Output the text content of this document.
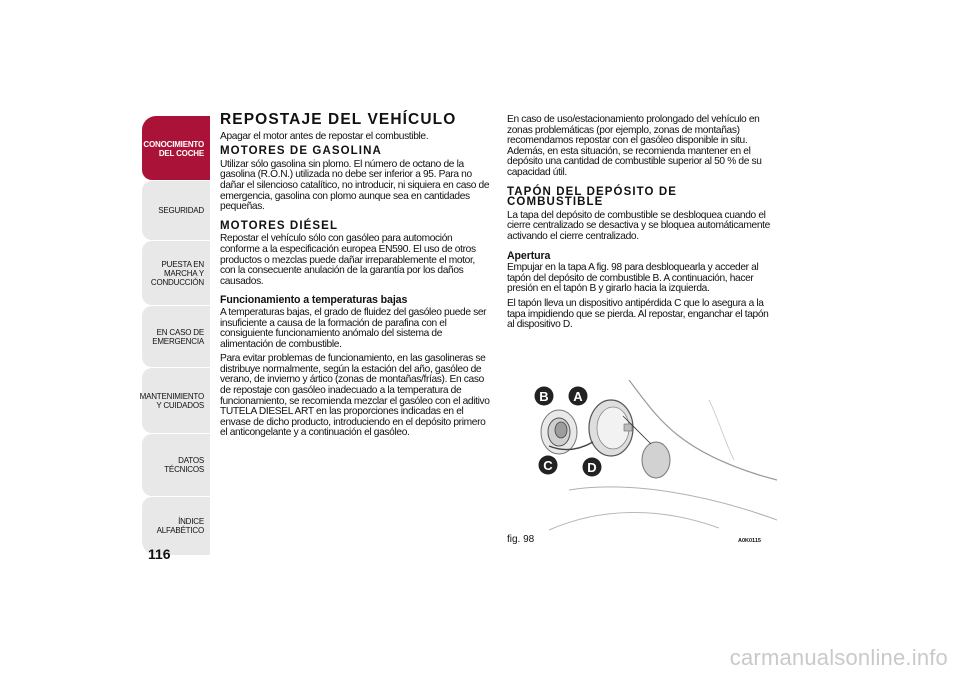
CONOCIMIENTO DEL COCHE
SEGURIDAD
PUESTA EN MARCHA Y CONDUCCIÓN
EN CASO DE EMERGENCIA
MANTENIMIENTO Y CUIDADOS
DATOS TÉCNICOS
ÍNDICE ALFABÉTICO
116
REPOSTAJE DEL VEHÍCULO

Apagar el motor antes de repostar el combustible.

MOTORES DE GASOLINA

Utilizar sólo gasolina sin plomo. El número de octano de la gasolina (R.O.N.) utilizada no debe ser inferior a 95. Para no dañar el silencioso catalítico, no introducir, ni siquiera en caso de emergencia, gasolina con plomo aunque sea en cantidades pequeñas.

MOTORES DIÉSEL

Repostar el vehículo sólo con gasóleo para automoción conforme a la especificación europea EN590. El uso de otros productos o mezclas puede dañar irreparablemente el motor, con la consecuente anulación de la garantía por los daños causados.

Funcionamiento a temperaturas bajas

A temperaturas bajas, el grado de fluidez del gasóleo puede ser insuficiente a causa de la formación de parafina con el consiguiente funcionamiento anómalo del sistema de alimentación de combustible.

Para evitar problemas de funcionamiento, en las gasolineras se distribuye normalmente, según la estación del año, gasóleo de verano, de invierno y ártico (zonas de montañas/frías). En caso de repostaje con gasóleo inadecuado a la temperatura de funcionamiento, se recomienda mezclar el gasóleo con el aditivo TUTELA DIESEL ART en las proporciones indicadas en el envase de dicho producto, introduciendo en el depósito primero el anticongelante y a continuación el gasóleo.

En caso de uso/estacionamiento prolongado del vehículo en zonas problemáticas (por ejemplo, zonas de montañas) recomendamos repostar con el gasóleo disponible in situ. Además, en esta situación, se recomienda mantener en el depósito una cantidad de combustible superior al 50 % de su capacidad útil.

TAPÓN DEL DEPÓSITO DE COMBUSTIBLE

La tapa del depósito de combustible se desbloquea cuando el cierre centralizado se desactiva y se bloquea automáticamente activando el cierre centralizado.

Apertura

Empujar en la tapa A fig. 98 para desbloquearla y acceder al tapón del depósito de combustible B. A continuación, hacer presión en el tapón B y girarlo hacia la izquierda.

El tapón lleva un dispositivo antipérdida C que lo asegura a la tapa impidiendo que se pierda. Al repostar, enganchar el tapón al dispositivo D.

B A
C	D
fig. 98	A0K0115
carmanualsonline.info
